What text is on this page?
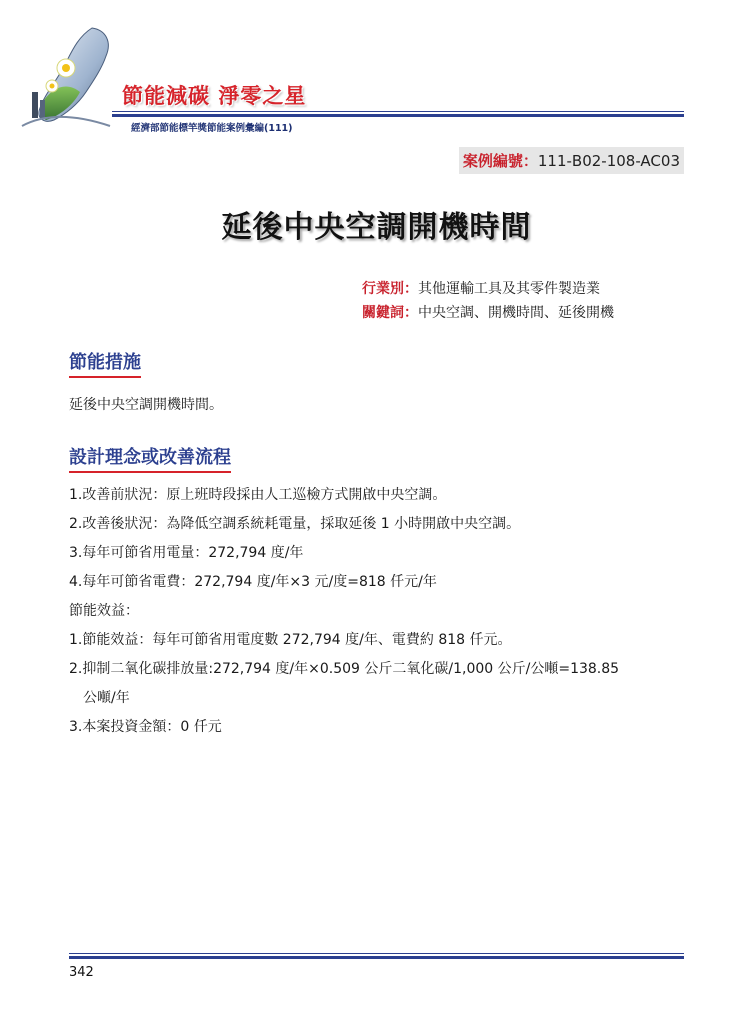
節能減碳 淨零之星
經濟部節能標竿獎節能案例彙編(111)
案例編號：111-B02-108-AC03
延後中央空調開機時間
行業別：其他運輸工具及其零件製造業
關鍵詞：中央空調、開機時間、延後開機
節能措施
延後中央空調開機時間。
設計理念或改善流程
1.改善前狀況：原上班時段採由人工巡檢方式開啟中央空調。
2.改善後狀況：為降低空調系統耗電量，採取延後 1 小時開啟中央空調。
3.每年可節省用電量：272,794 度/年
4.每年可節省電費：272,794 度/年×3 元/度=818 仟元/年
節能效益：
1.節能效益：每年可節省用電度數 272,794 度/年、電費約 818 仟元。
2.抑制二氧化碳排放量:272,794 度/年×0.509 公斤二氧化碳/1,000 公斤/公噸=138.85
公噸/年
3.本案投資金額：0 仟元
342
